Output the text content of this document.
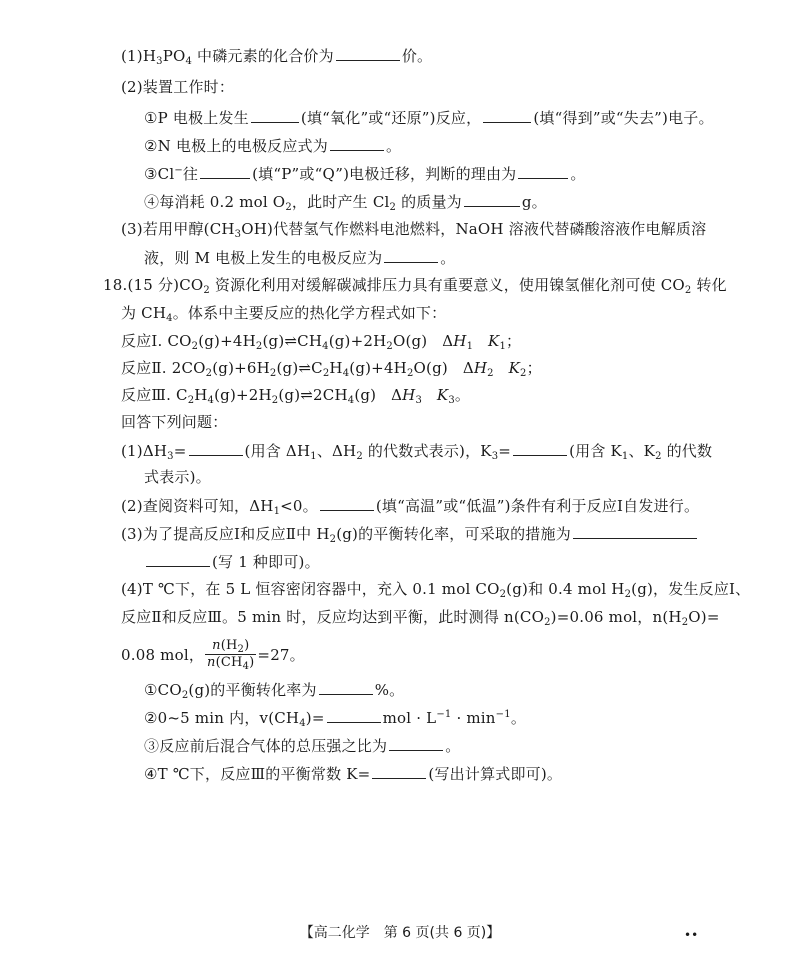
$(1)H_3PO_4$ 中磷元素的化合价为	价。
(2)装置工作时：
①P 电极上发生	(填“氧化”或“还原”)反应，	(填“得到”或“失去”)电子。
②N 电极上的电极反应式为	。
③Cl−往	(填“P”或“Q”)电极迁移，判断的理由为	。
④每消耗 0.2 mol $O_2$，此时产生 $Cl_2$ 的质量为	g。
(3)若用甲醇$(CH_3OH)$代替氢气作燃料电池燃料，NaOH 溶液代替磷酸溶液作电解质溶
液，则 M 电极上发生的电极反应为	。
18.(15 分)$CO_2$ 资源化利用对缓解碳减排压力具有重要意义，使用镍氢催化剂可使 $CO_2$ 转化
为 $CH_4$。体系中主要反应的热化学方程式如下：
反应Ⅰ. $CO_2(g)+4H_2(g)\rightleftharpoons CH_4(g)+2H_2O(g)$   $\Delta H_1$ $K_1$；
反应Ⅱ. $2CO_2(g)+6H_2(g)\rightleftharpoons C_2H_4(g)+4H_2O(g)$   $\Delta H_2$ $K_2$；
反应Ⅲ. $C_2H_4(g)+2H_2(g)\rightleftharpoons 2CH_4(g)$   $\Delta H_3$ $K_3$。
回答下列问题：
$(1)\Delta H_3=$	(用含 $\Delta H_1$、$\Delta H_2$ 的代数式表示)，$K_3=$	(用含 $K_1$、$K_2$ 的代数
式表示)。
(2)查阅资料可知，$\Delta H_1<0$。	(填“高温”或“低温”)条件有利于反应Ⅰ自发进行。
(3)为了提高反应Ⅰ和反应Ⅱ中 $H_2(g)$的平衡转化率，可采取的措施为
(写 1 种即可)。
(4)T ℃下，在 5 L 恒容密闭容器中，充入 0.1 mol $CO_2(g)$和 0.4 mol $H_2(g)$，发生反应Ⅰ、
反应Ⅱ和反应Ⅲ。5 min 时，反应均达到平衡，此时测得 $n(CO_2)=0.06$ mol，$n(H_2O)=$
0.08 mol， $\frac{n(H_2)}{n(CH_4)} =27$。
$①CO_2(g)$的平衡转化率为	%。
②0~5 min 内，$v(CH_4)=$	mol · $L^{-1} \cdot \min^{-1}$。
③反应前后混合气体的总压强之比为	。
④T ℃下，反应Ⅲ的平衡常数 K=	(写出计算式即可)。
【高二化学　第 6 页(共 6 页)】	••
